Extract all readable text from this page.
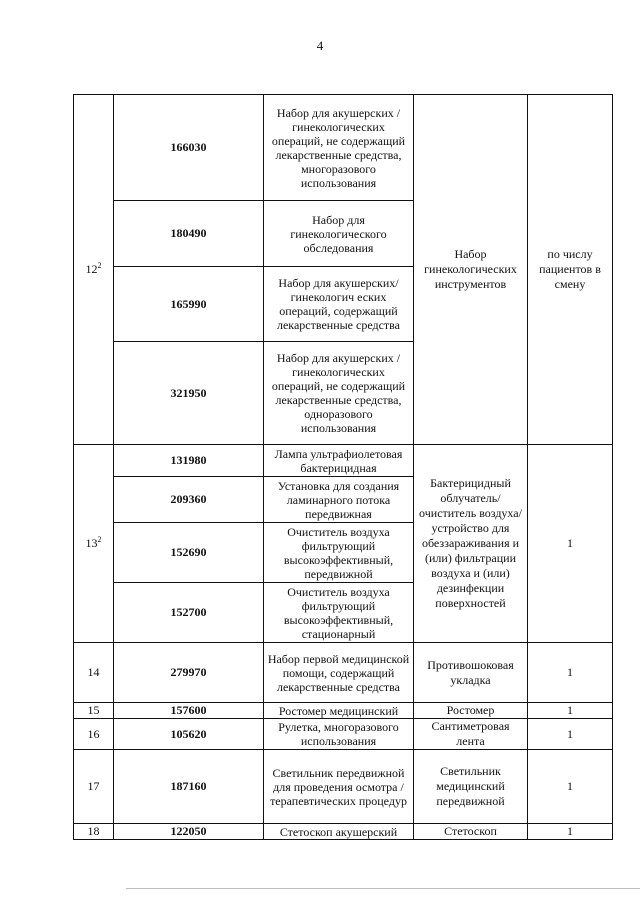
4
$12^2$	166030	Набор для акушерских /гинекологических операций, не содержащий лекарственные средства, многоразового использования	Набор гинекологических инструментов	по числу пациентов в смену
	180490	Набор для гинекологического обследования		
	165990	Набор для акушерских/гинекологич еских операций, содержащий лекарственные средства		
	321950	Набор для акушерских /гинекологических операций, не содержащий лекарственные средства, одноразового использования		
$13^2$	131980	Лампа ультрафиолетовая бактерицидная	Бактерицидный облучатель/ очиститель воздуха/ устройство для обеззараживания и (или) фильтрации воздуха и (или) дезинфекции поверхностей	1
	209360	Установка для создания ламинарного потока передвижная		
	152690	Очиститель воздуха фильтрующий высокоэффективный, передвижной		
	152700	Очиститель воздуха фильтрующий высокоэффективный, стационарный		
14	279970	Набор первой медицинской помощи, содержащий лекарственные средства	Противошоковая укладка	1
15	157600	Ростомер медицинский	Ростомер	1
16	105620	Рулетка, многоразового использования	Сантиметровая лента	1
17	187160	Светильник передвижной для проведения осмотра /терапевтических процедур	Светильник медицинский передвижной	1
18	122050	Стетоскоп акушерский	Стетоскоп	1
